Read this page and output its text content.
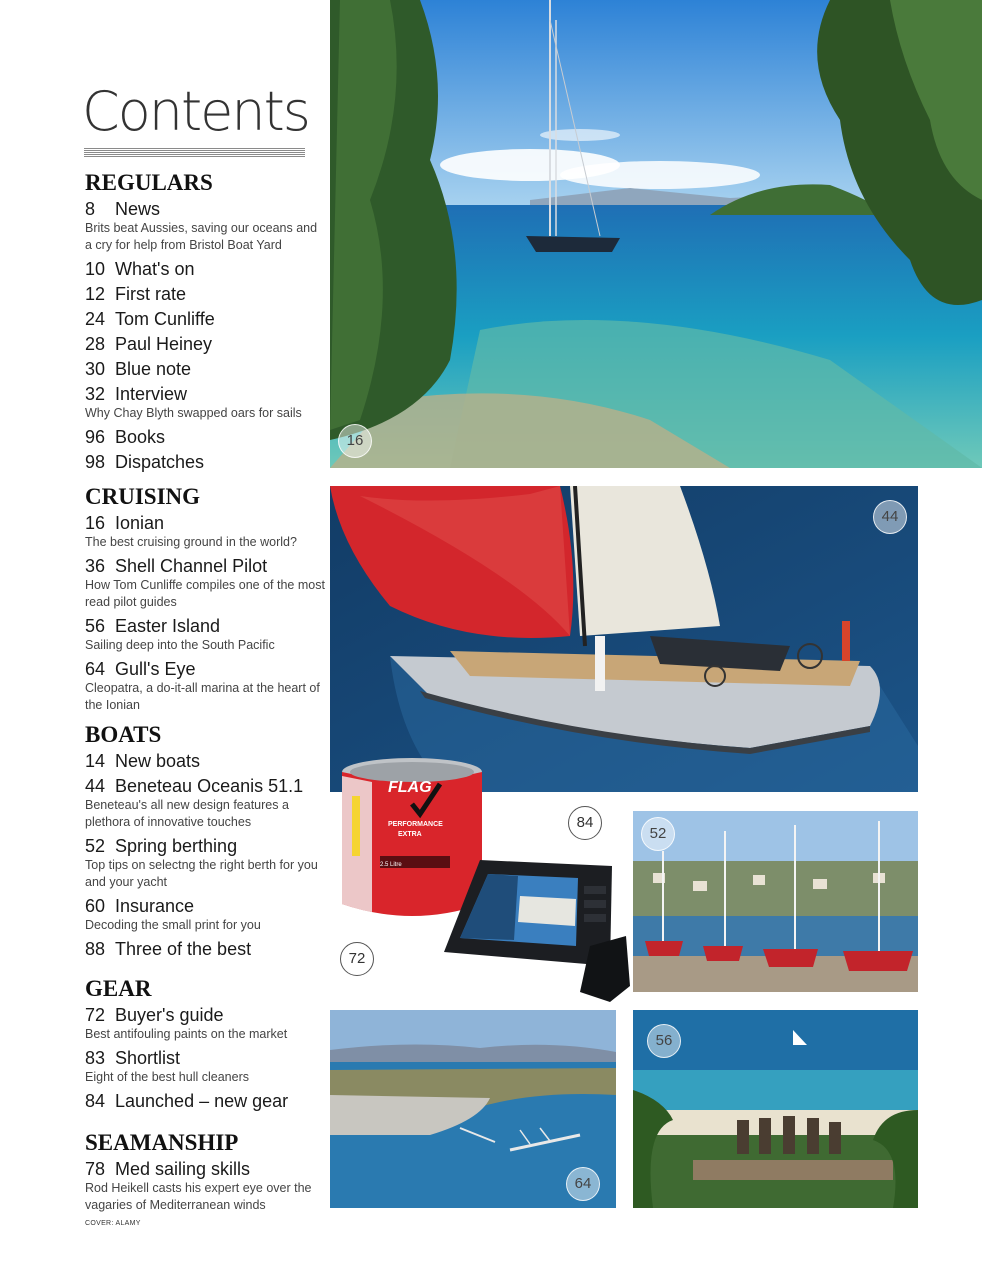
Contents
REGULARS
8 News
Brits beat Aussies, saving our oceans and a cry for help from Bristol Boat Yard
10 What's on
12 First rate
24 Tom Cunliffe
28 Paul Heiney
30 Blue note
32 Interview
Why Chay Blyth swapped oars for sails
96 Books
98 Dispatches
CRUISING
16 Ionian
The best cruising ground in the world?
36 Shell Channel Pilot
How Tom Cunliffe compiles one of the most read pilot guides
56 Easter Island
Sailing deep into the South Pacific
64 Gull's Eye
Cleopatra, a do-it-all marina at the heart of the Ionian
BOATS
14 New boats
44 Beneteau Oceanis 51.1
Beneteau's all new design features a plethora of innovative touches
52 Spring berthing
Top tips on selectng the right berth for you and your yacht
60 Insurance
Decoding the small print for you
88 Three of the best
GEAR
72 Buyer's guide
Best antifouling paints on the market
83 Shortlist
Eight of the best hull cleaners
84 Launched – new gear
SEAMANSHIP
78 Med sailing skills
Rod Heikell casts his expert eye over the vagaries of Mediterranean winds
COVER: ALAMY
16
44
2.5 Litre
FLAG
PERFORMANCE
EXTRA
84
72
52
64
56
